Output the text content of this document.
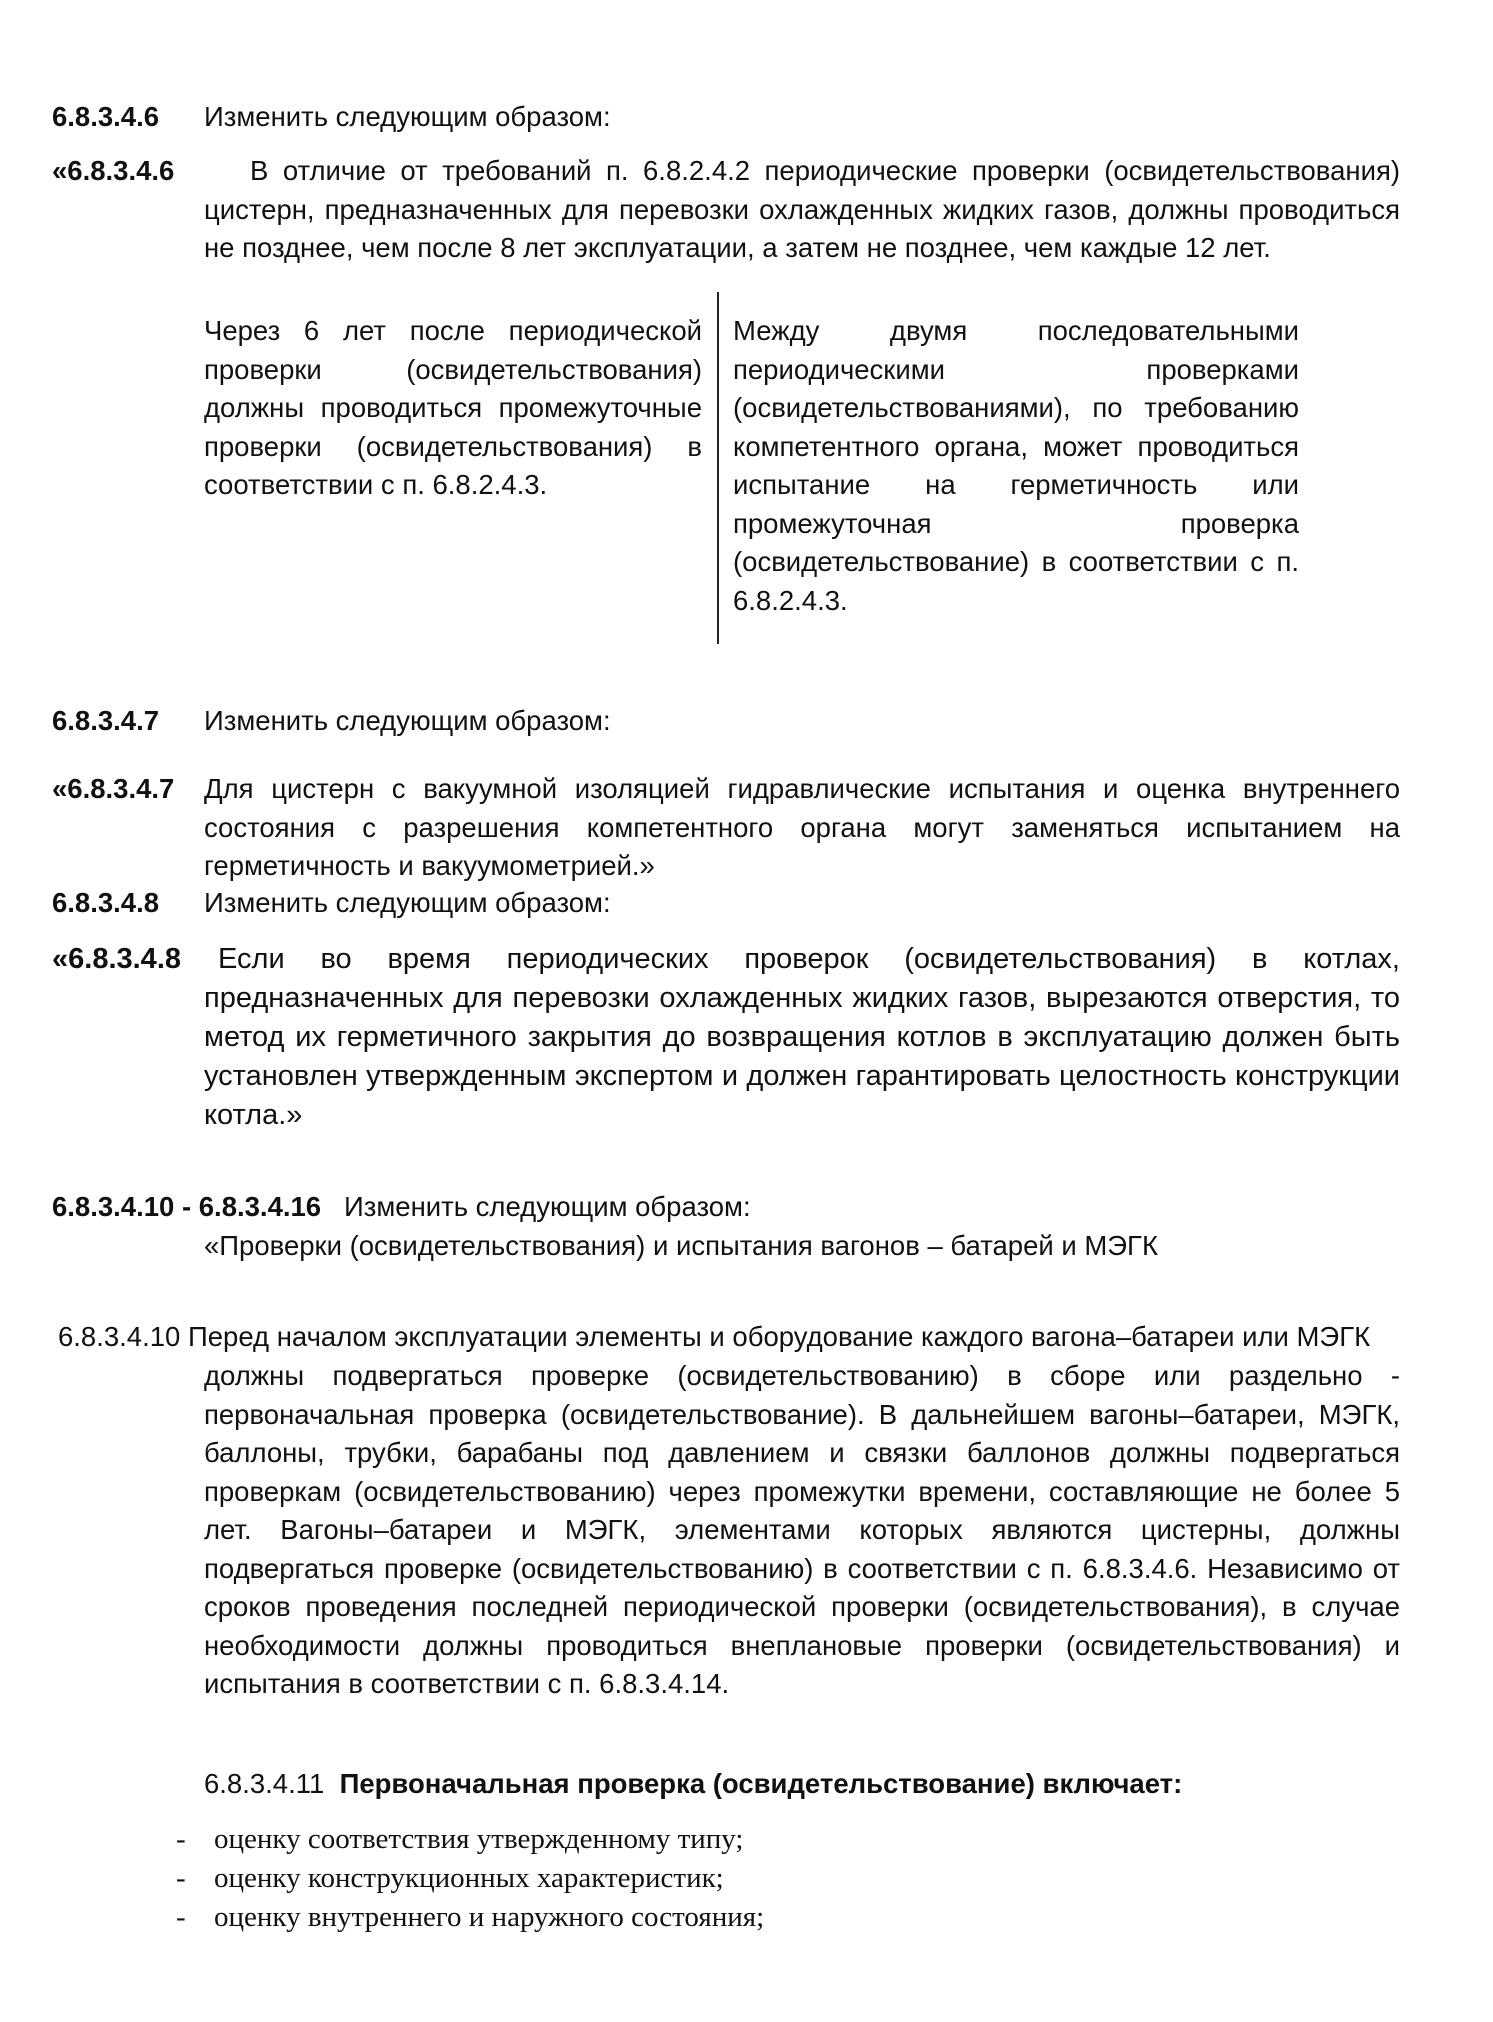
6.8.3.4.6 Изменить следующим образом:
«6.8.3.4.6	В отличие от требований п. 6.8.2.4.2 периодические проверки (освидетельствования) цистерн, предназначенных для перевозки охлажденных жидких газов, должны проводиться не позднее, чем после 8 лет эксплуатации, а затем не позднее, чем каждые 12 лет.
Через 6 лет после периодической проверки (освидетельствования) должны проводиться промежуточные проверки (освидетельствования) в соответствии с п. 6.8.2.4.3.
Между двумя последовательными периодическими проверками (освидетельствованиями), по требованию компетентного органа, может проводиться испытание на герметичность или промежуточная проверка (освидетельствование) в соответствии с п. 6.8.2.4.3.
6.8.3.4.7 Изменить следующим образом:
«6.8.3.4.7 Для цистерн с вакуумной изоляцией гидравлические испытания и оценка внутреннего состояния с разрешения компетентного органа могут заменяться испытанием на герметичность и вакуумометрией.»
6.8.3.4.8 Изменить следующим образом:
«6.8.3.4.8	Если во время периодических проверок (освидетельствования) в котлах, предназначенных для перевозки охлажденных жидких газов, вырезаются отверстия, то метод их герметичного закрытия до возвращения котлов в эксплуатацию должен быть установлен утвержденным экспертом и должен гарантировать целостность конструкции котла.»
6.8.3.4.10 - 6.8.3.4.16 Изменить следующим образом:
«Проверки (освидетельствования) и испытания вагонов – батарей и МЭГК
6.8.3.4.10 Перед началом эксплуатации элементы и оборудование каждого вагона–батареи или МЭГК
должны подвергаться проверке (освидетельствованию) в сборе или раздельно - первоначальная проверка (освидетельствование). В дальнейшем вагоны–батареи, МЭГК, баллоны, трубки, барабаны под давлением и связки баллонов должны подвергаться проверкам (освидетельствованию) через промежутки времени, составляющие не более 5 лет. Вагоны–батареи и МЭГК, элементами которых являются цистерны, должны подвергаться проверке (освидетельствованию) в соответствии с п. 6.8.3.4.6. Независимо от сроков проведения последней периодической проверки (освидетельствования), в случае необходимости должны проводиться внеплановые проверки (освидетельствования) и испытания в соответствии с п. 6.8.3.4.14.
6.8.3.4.11 Первоначальная проверка (освидетельствование) включает:
- оценку соответствия утвержденному типу;
- оценку конструкционных характеристик;
- оценку внутреннего и наружного состояния;
